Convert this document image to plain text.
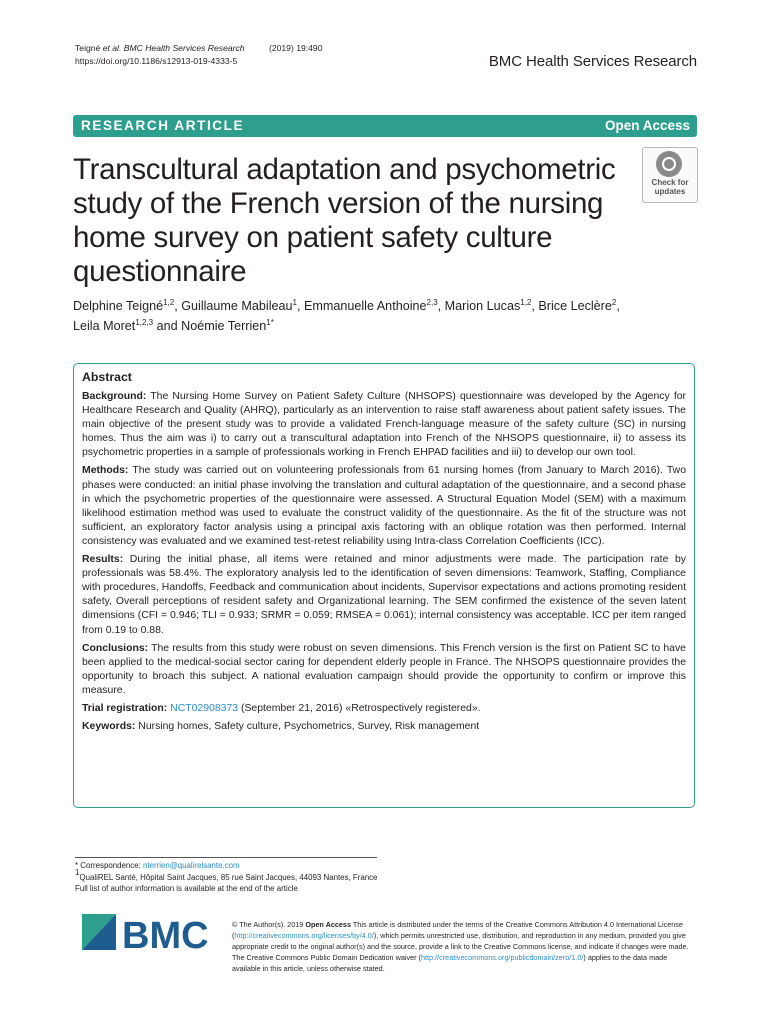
Teigné et al. BMC Health Services Research	(2019) 19:490
https://doi.org/10.1186/s12913-019-4333-5	BMC Health Services Research
RESEARCH ARTICLE	Open Access
Transcultural adaptation and psychometric study of the French version of the nursing home survey on patient safety culture questionnaire
Check for
updates
Delphine Teigné$^{1,2}$, Guillaume Mabileau$^1$, Emmanuelle Anthoine$^{2,3}$, Marion Lucas$^{1,2}$, Brice Leclère$^2$,
Leila Moret$^{1,2,3}$ and Noémie Terrien$^{1*}$
Abstract

Background: The Nursing Home Survey on Patient Safety Culture (NHSOPS) questionnaire was developed by the Agency for Healthcare Research and Quality (AHRQ), particularly as an intervention to raise staff awareness about patient safety issues. The main objective of the present study was to provide a validated French-language measure of the safety culture (SC) in nursing homes. Thus the aim was i) to carry out a transcultural adaptation into French of the NHSOPS questionnaire, ii) to assess its psychometric properties in a sample of professionals working in French EHPAD facilities and iii) to develop our own tool.

Methods: The study was carried out on volunteering professionals from 61 nursing homes (from January to March 2016). Two phases were conducted: an initial phase involving the translation and cultural adaptation of the questionnaire, and a second phase in which the psychometric properties of the questionnaire were assessed. A Structural Equation Model (SEM) with a maximum likelihood estimation method was used to evaluate the construct validity of the questionnaire. As the fit of the structure was not sufficient, an exploratory factor analysis using a principal axis factoring with an oblique rotation was then performed. Internal consistency was evaluated and we examined test-retest reliability using Intra-class Correlation Coefficients (ICC).

Results: During the initial phase, all items were retained and minor adjustments were made. The participation rate by professionals was 58.4%. The exploratory analysis led to the identification of seven dimensions: Teamwork, Staffing, Compliance with procedures, Handoffs, Feedback and communication about incidents, Supervisor expectations and actions promoting resident safety, Overall perceptions of resident safety and Organizational learning. The SEM confirmed the existence of the seven latent dimensions (CFI = 0.946; TLI = 0.933; SRMR = 0.059; RMSEA = 0.061); internal consistency was acceptable. ICC per item ranged from 0.19 to 0.88.

Conclusions: The results from this study were robust on seven dimensions. This French version is the first on Patient SC to have been applied to the medical-social sector caring for dependent elderly people in France. The NHSOPS questionnaire provides the opportunity to broach this subject. A national evaluation campaign should provide the opportunity to confirm or improve this measure.

Trial registration: NCT02908373 (September 21, 2016) «Retrospectively registered».

Keywords: Nursing homes, Safety culture, Psychometrics, Survey, Risk management

* Correspondence: nterrien@qualirelsante.com
$^1$QualiREL Santé, Hôpital Saint Jacques, 85 rue Saint Jacques, 44093 Nantes, France
Full list of author information is available at the end of the article
BMC	© The Author(s). 2019 Open Access This article is distributed under the terms of the Creative Commons Attribution 4.0 International License (http://creativecommons.org/licenses/by/4.0/), which permits unrestricted use, distribution, and reproduction in any medium, provided you give appropriate credit to the original author(s) and the source, provide a link to the Creative Commons license, and indicate if changes were made. The Creative Commons Public Domain Dedication waiver (http://creativecommons.org/publicdomain/zero/1.0/) applies to the data made available in this article, unless otherwise stated.
